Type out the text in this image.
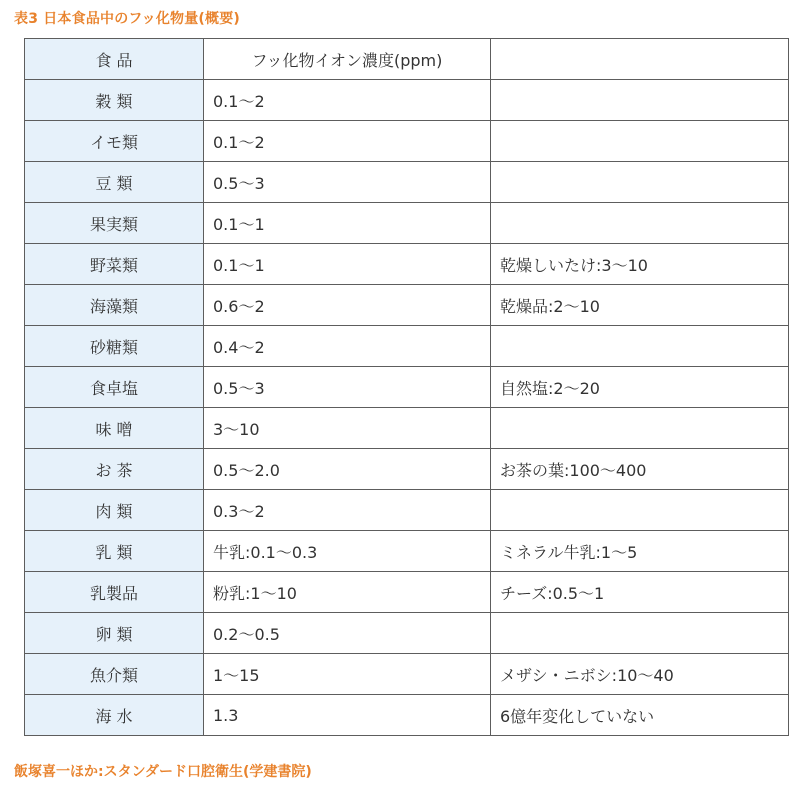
表3 日本食品中のフッ化物量(概要)
食 品	フッ化物イオン濃度(ppm)	
穀 類	0.1〜2	
イモ類	0.1〜2	
豆 類	0.5〜3	
果実類	0.1〜1	
野菜類	0.1〜1	乾燥しいたけ:3〜10
海藻類	0.6〜2	乾燥品:2〜10
砂糖類	0.4〜2	
食卓塩	0.5〜3	自然塩:2〜20
味 噌	3〜10	
お 茶	0.5〜2.0	お茶の葉:100〜400
肉 類	0.3〜2	
乳 類	牛乳:0.1〜0.3	ミネラル牛乳:1〜5
乳製品	粉乳:1〜10	チーズ:0.5〜1
卵 類	0.2〜0.5	
魚介類	1〜15	メザシ・ニボシ:10〜40
海 水	1.3	6億年変化していない
飯塚喜一ほか:スタンダード口腔衛生(学建書院)
